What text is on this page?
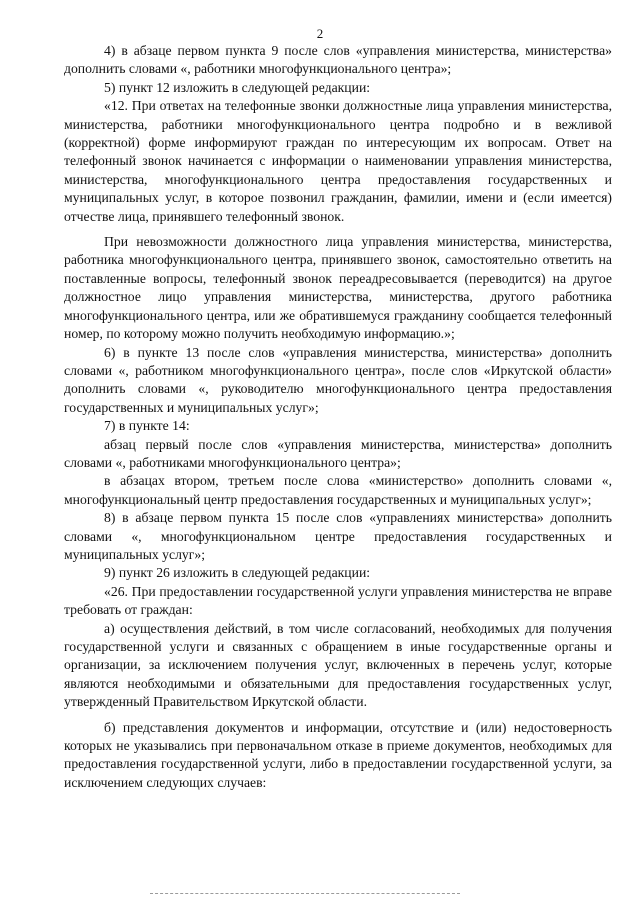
2

4) в абзаце первом пункта 9 после слов «управления министерства, министерства» дополнить словами «, работники многофункционального центра»;

5) пункт 12 изложить в следующей редакции:

«12. При ответах на телефонные звонки должностные лица управления министерства, министерства, работники многофункционального центра подробно и в вежливой (корректной) форме информируют граждан по интересующим их вопросам. Ответ на телефонный звонок начинается с информации о наименовании управления министерства, министерства, многофункционального центра предоставления государственных и муниципальных услуг, в которое позвонил гражданин, фамилии, имени и (если имеется) отчестве лица, принявшего телефонный звонок.

При невозможности должностного лица управления министерства, министерства, работника многофункционального центра, принявшего звонок, самостоятельно ответить на поставленные вопросы, телефонный звонок переадресовывается (переводится) на другое должностное лицо управления министерства, министерства, другого работника многофункционального центра, или же обратившемуся гражданину сообщается телефонный номер, по которому можно получить необходимую информацию.»;

6) в пункте 13 после слов «управления министерства, министерства» дополнить словами «, работником многофункционального центра», после слов «Иркутской области» дополнить словами «, руководителю многофункционального центра предоставления государственных и муниципальных услуг»;

7) в пункте 14:

абзац первый после слов «управления министерства, министерства» дополнить словами «, работниками многофункционального центра»;

в абзацах втором, третьем после слова «министерство» дополнить словами «, многофункциональный центр предоставления государственных и муниципальных услуг»;

8) в абзаце первом пункта 15 после слов «управлениях министерства» дополнить словами «, многофункциональном центре предоставления государственных и муниципальных услуг»;

9) пункт 26 изложить в следующей редакции:

«26. При предоставлении государственной услуги управления министерства не вправе требовать от граждан:

а) осуществления действий, в том числе согласований, необходимых для получения государственной услуги и связанных с обращением в иные государственные органы и организации, за исключением получения услуг, включенных в перечень услуг, которые являются необходимыми и обязательными для предоставления государственных услуг, утвержденный Правительством Иркутской области.

б) представления документов и информации, отсутствие и (или) недостоверность которых не указывались при первоначальном отказе в приеме документов, необходимых для предоставления государственной услуги, либо в предоставлении государственной услуги, за исключением следующих случаев:
